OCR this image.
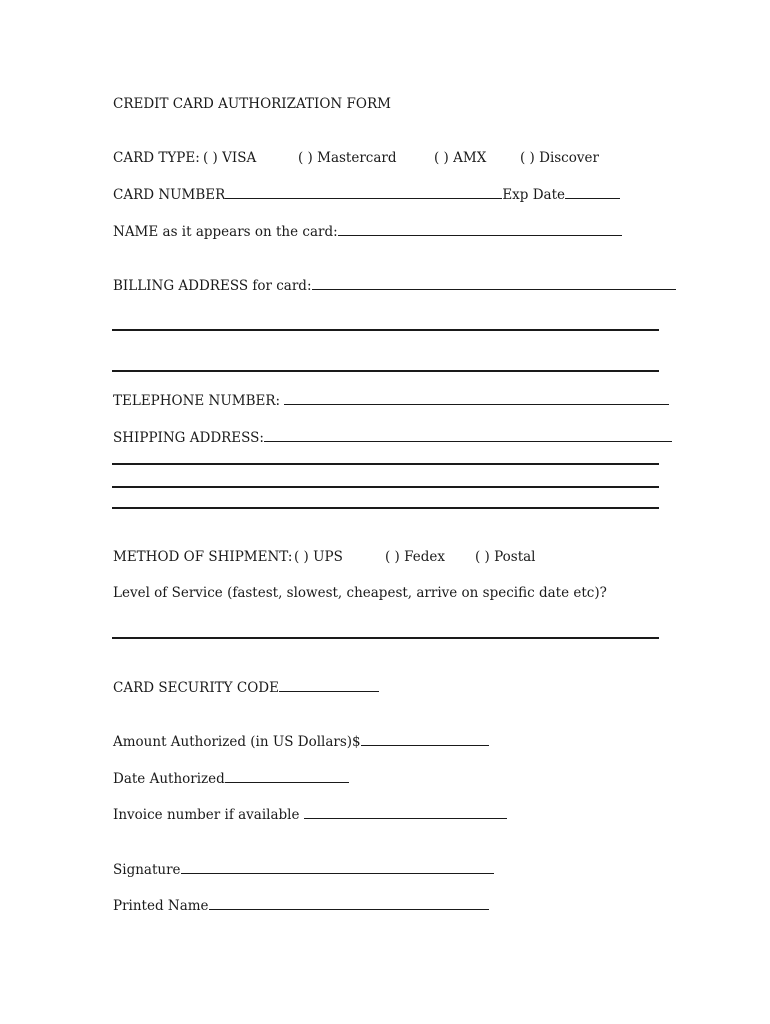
CREDIT CARD AUTHORIZATION FORM
CARD TYPE: ( ) VISA	( ) Mastercard	( ) AMX ( ) Discover
CARD NUMBER	Exp Date
NAME as it appears on the card:
BILLING ADDRESS for card:
TELEPHONE NUMBER:
SHIPPING ADDRESS:
METHOD OF SHIPMENT: ( ) UPS	( ) Fedex ( ) Postal
Level of Service (fastest, slowest, cheapest, arrive on specific date etc)?
CARD SECURITY CODE
Amount Authorized (in US Dollars)$
Date Authorized
Invoice number if available
Signature
Printed Name
